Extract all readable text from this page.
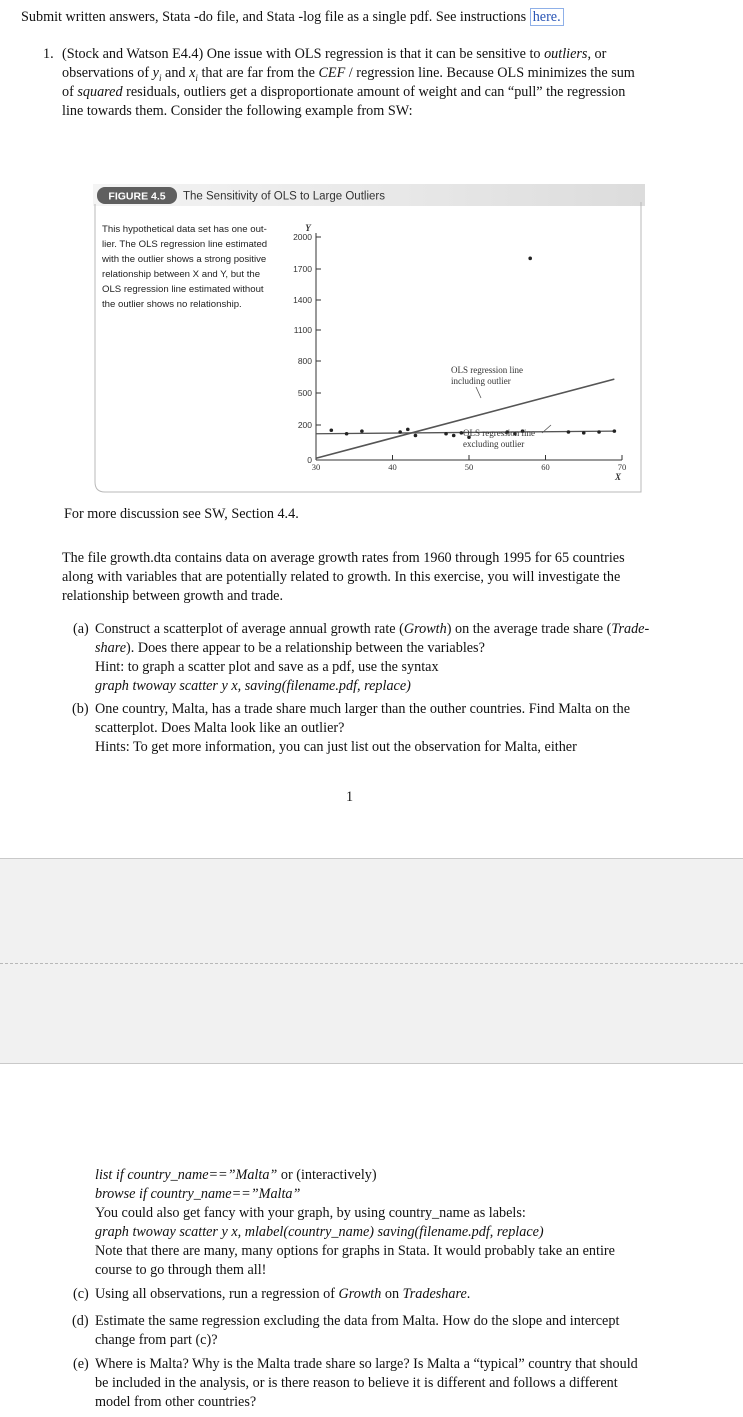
Submit written answers, Stata -do file, and Stata -log file as a single pdf. See instructions here.
1. (Stock and Watson E4.4) One issue with OLS regression is that it can be sensitive to outliers, or
observations of $y_i$ and $x_i$ that are far from the CEF / regression line. Because OLS minimizes the sum
of squared residuals, outliers get a disproportionate amount of weight and can “pull” the regression
line towards them. Consider the following example from SW:
FIGURE 4.5 The Sensitivity of OLS to Large Outliers
This hypothetical data set has one out-
lier. The OLS regression line estimated
with the outlier shows a strong positive
relationship between X and Y, but the
OLS regression line estimated without
the outlier shows no relationship.
0
200
500
800
1100
1400
1700
2000
30	40	50	60	70
Y
X
OLS regression line
including outlier
OLS regression line
excluding outlier
For more discussion see SW, Section 4.4.
The file growth.dta contains data on average growth rates from 1960 through 1995 for 65 countries
along with variables that are potentially related to growth. In this exercise, you will investigate the
relationship between growth and trade.
(a) Construct a scatterplot of average annual growth rate (Growth) on the average trade share (Trade-
share). Does there appear to be a relationship between the variables?
Hint: to graph a scatter plot and save as a pdf, use the syntax
graph twoway scatter y x, saving(filename.pdf, replace)
(b) One country, Malta, has a trade share much larger than the outher countries. Find Malta on the
scatterplot. Does Malta look like an outlier?
Hints: To get more information, you can just list out the observation for Malta, either
1
list if country_name==”Malta” or (interactively)
browse if country_name==”Malta”
You could also get fancy with your graph, by using country_name as labels:
graph twoway scatter y x, mlabel(country_name) saving(filename.pdf, replace)
Note that there are many, many options for graphs in Stata. It would probably take an entire
course to go through them all!
(c) Using all observations, run a regression of Growth on Tradeshare.
(d) Estimate the same regression excluding the data from Malta. How do the slope and intercept
change from part (c)?
(e) Where is Malta? Why is the Malta trade share so large? Is Malta a “typical” country that should
be included in the analysis, or is there reason to believe it is different and follows a different
model from other countries?
